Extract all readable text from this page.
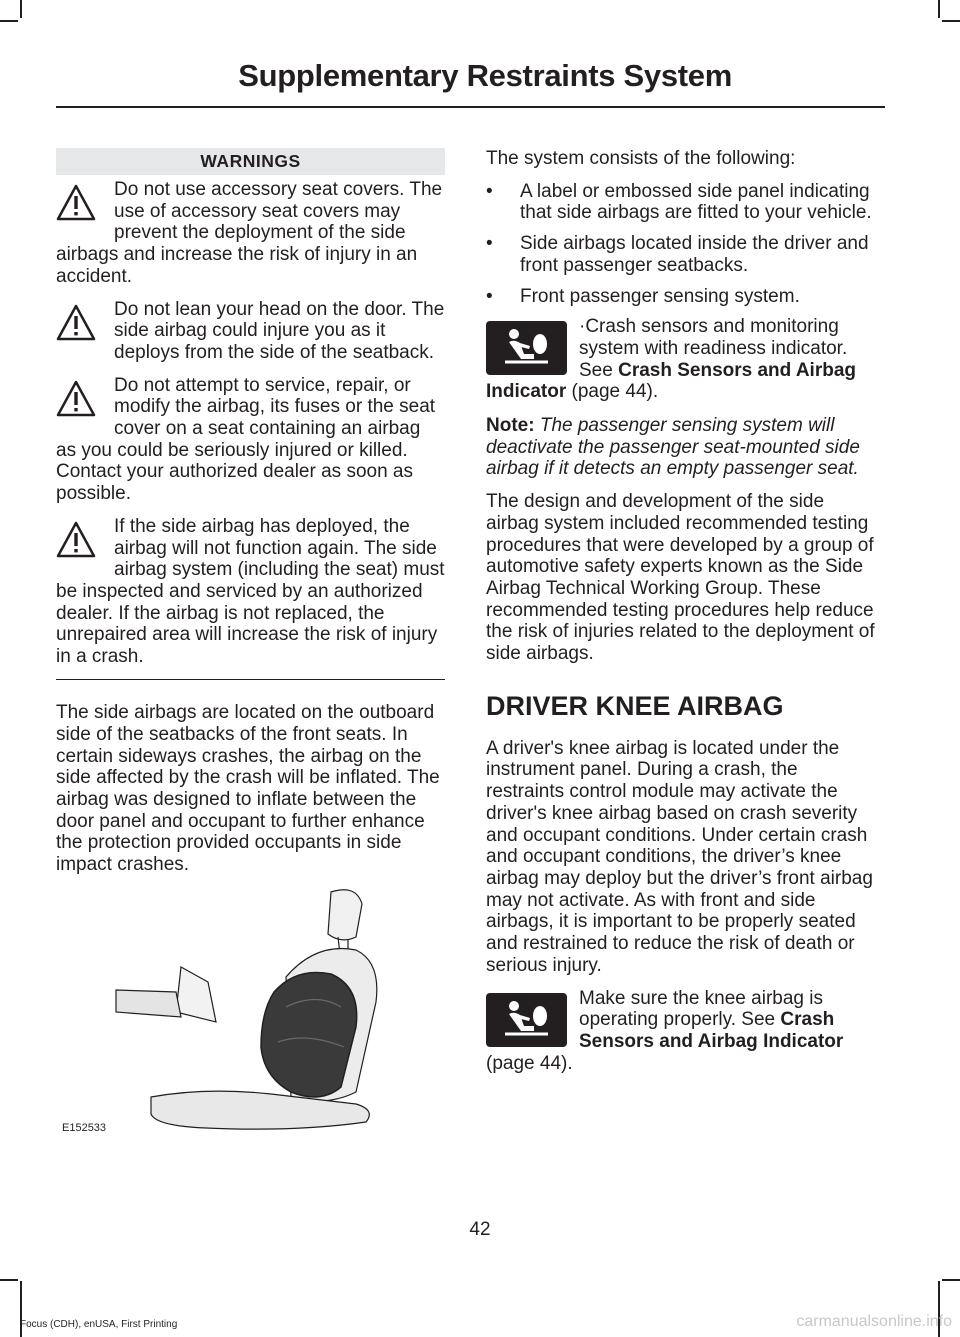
Supplementary Restraints System
WARNINGS

Do not use accessory seat covers. The use of accessory seat covers may prevent the deployment of the side airbags and increase the risk of injury in an accident.

Do not lean your head on the door. The side airbag could injure you as it deploys from the side of the seatback.

Do not attempt to service, repair, or modify the airbag, its fuses or the seat cover on a seat containing an airbag as you could be seriously injured or killed. Contact your authorized dealer as soon as possible.

If the side airbag has deployed, the airbag will not function again. The side airbag system (including the seat) must be inspected and serviced by an authorized dealer. If the airbag is not replaced, the unrepaired area will increase the risk of injury in a crash.

The side airbags are located on the outboard side of the seatbacks of the front seats. In certain sideways crashes, the airbag on the side affected by the crash will be inflated. The airbag was designed to inflate between the door panel and occupant to further enhance the protection provided occupants in side impact crashes.

E152533

The system consists of the following:

• A label or embossed side panel indicating that side airbags are fitted to your vehicle.
• Side airbags located inside the driver and front passenger seatbacks.
• Front passenger sensing system.
·Crash sensors and monitoring system with readiness indicator. See Crash Sensors and Airbag Indicator (page 44).

Note: The passenger sensing system will deactivate the passenger seat-mounted side airbag if it detects an empty passenger seat.

The design and development of the side airbag system included recommended testing procedures that were developed by a group of automotive safety experts known as the Side Airbag Technical Working Group. These recommended testing procedures help reduce the risk of injuries related to the deployment of side airbags.

DRIVER KNEE AIRBAG

A driver's knee airbag is located under the instrument panel. During a crash, the restraints control module may activate the driver's knee airbag based on crash severity and occupant conditions. Under certain crash and occupant conditions, the driver’s knee airbag may deploy but the driver’s front airbag may not activate. As with front and side airbags, it is important to be properly seated and restrained to reduce the risk of death or serious injury.

Make sure the knee airbag is operating properly. See Crash Sensors and Airbag Indicator (page 44).
42
Focus (CDH), enUSA, First Printing	carmanualsonline.info
